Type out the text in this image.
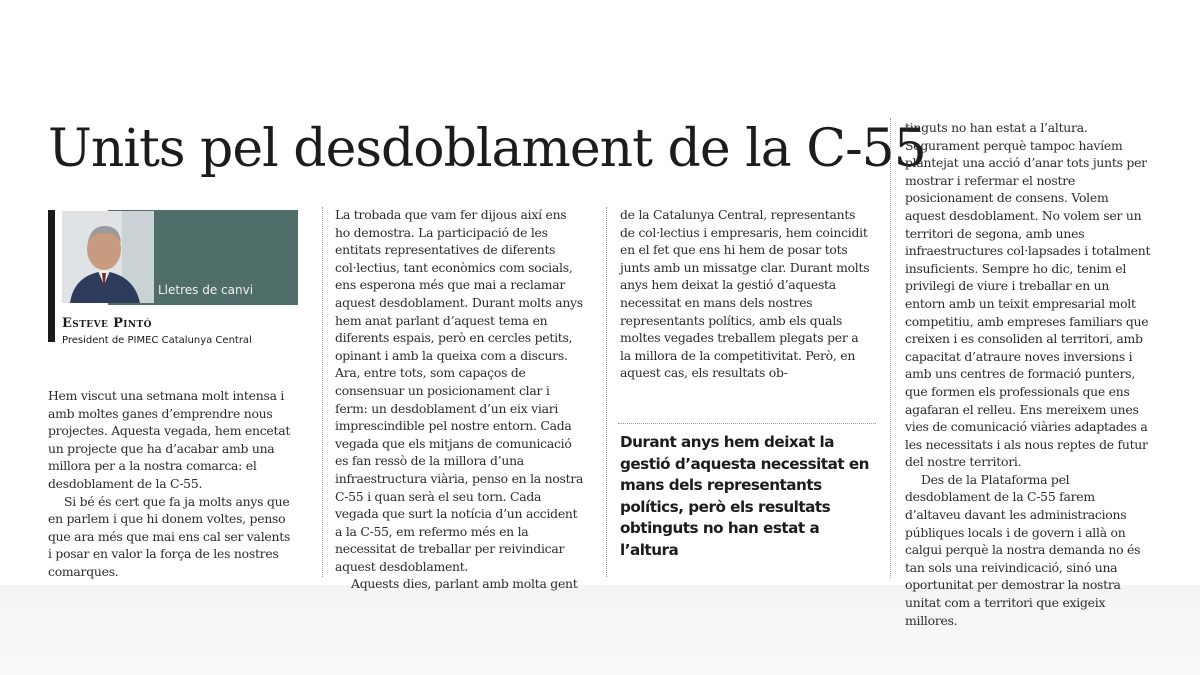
Units pel desdoblament de la C-55
Lletres de canvi
Esteve Pintó
President de PIMEC Catalunya Central

Hem viscut una setmana molt intensa i amb moltes ganes d’emprendre nous projectes. Aquesta vegada, hem encetat un projecte que ha d’acabar amb una millora per a la nostra comarca: el desdoblament de la C-55.

Si bé és cert que fa ja molts anys que en parlem i que hi donem voltes, penso que ara més que mai ens cal ser valents i posar en valor la força de les nostres comarques.

La trobada que vam fer dijous així ens ho demostra. La participació de les entitats representatives de diferents col·lectius, tant econòmics com socials, ens esperona més que mai a reclamar aquest desdoblament. Durant molts anys hem anat parlant d’aquest tema en diferents espais, però en cercles petits, opinant i amb la queixa com a discurs. Ara, entre tots, som capaços de consensuar un posicionament clar i ferm: un desdoblament d’un eix viari imprescindible pel nostre entorn. Cada vegada que els mitjans de comunicació es fan ressò de la millora d’una infraestructura viària, penso en la nostra C-55 i quan serà el seu torn. Cada vegada que surt la notícia d’un accident a la C-55, em refermo més en la necessitat de treballar per reivindicar aquest desdoblament.

Aquests dies, parlant amb molta gent

de la Catalunya Central, representants de col·lectius i empresaris, hem coincidit en el fet que ens hi hem de posar tots junts amb un missatge clar. Durant molts anys hem deixat la gestió d’aquesta necessitat en mans dels nostres representants polítics, amb els quals moltes vegades treballem plegats per a la millora de la competitivitat. Però, en aquest cas, els resultats ob-

Durant anys hem deixat la gestió d’aquesta necessitat en mans dels representants polítics, però els resultats obtinguts no han estat a l’altura

tinguts no han estat a l’altura. Segurament perquè tampoc havíem plantejat una acció d’anar tots junts per mostrar i refermar el nostre posicionament de consens. Volem aquest desdoblament. No volem ser un territori de segona, amb unes infraestructures col·lapsades i totalment insuficients. Sempre ho dic, tenim el privilegi de viure i treballar en un entorn amb un teixit empresarial molt competitiu, amb empreses familiars que creixen i es consoliden al territori, amb capacitat d’atraure noves inversions i amb uns centres de formació punters, que formen els professionals que ens agafaran el relleu. Ens mereixem unes vies de comunicació viàries adaptades a les necessitats i als nous reptes de futur del nostre territori.

Des de la Plataforma pel desdoblament de la C-55 farem d’altaveu davant les administracions públiques locals i de govern i allà on calgui perquè la nostra demanda no és tan sols una reivindicació, sinó una oportunitat per demostrar la nostra unitat com a territori que exigeix millores.
